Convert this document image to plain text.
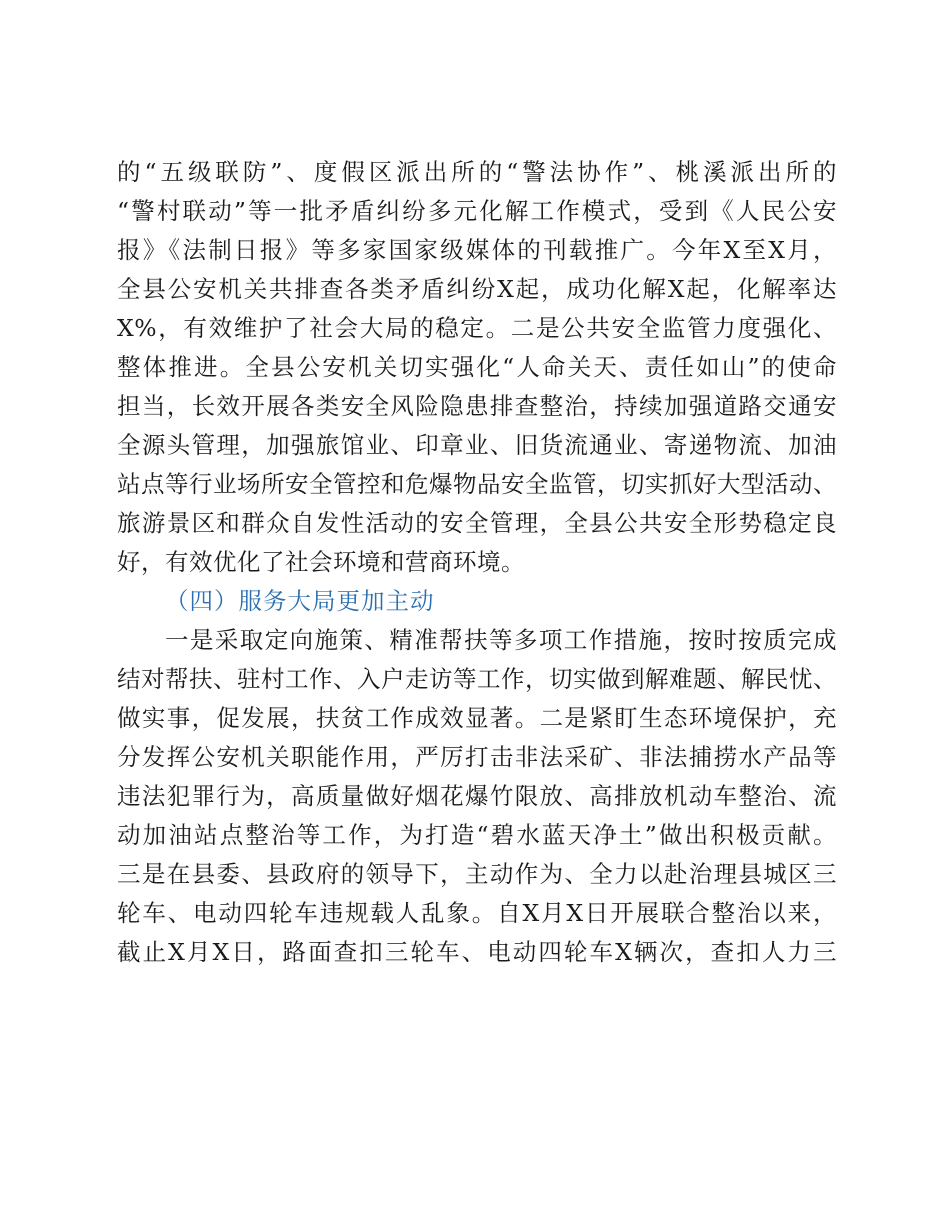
的“五级联防”、度假区派出所的“警法协作”、桃溪派出所的
“警村联动”等一批矛盾纠纷多元化解工作模式，受到《人民公安
报》《法制日报》等多家国家级媒体的刊载推广。今年X至X月，
全县公安机关共排查各类矛盾纠纷X起，成功化解X起，化解率达
X%，有效维护了社会大局的稳定。二是公共安全监管力度强化、
整体推进。全县公安机关切实强化“人命关天、责任如山”的使命
担当，长效开展各类安全风险隐患排查整治，持续加强道路交通安
全源头管理，加强旅馆业、印章业、旧货流通业、寄递物流、加油
站点等行业场所安全管控和危爆物品安全监管，切实抓好大型活动、
旅游景区和群众自发性活动的安全管理，全县公共安全形势稳定良
好，有效优化了社会环境和营商环境。
（四）服务大局更加主动
一是采取定向施策、精准帮扶等多项工作措施，按时按质完成
结对帮扶、驻村工作、入户走访等工作，切实做到解难题、解民忧、
做实事，促发展，扶贫工作成效显著。二是紧盯生态环境保护，充
分发挥公安机关职能作用，严厉打击非法采矿、非法捕捞水产品等
违法犯罪行为，高质量做好烟花爆竹限放、高排放机动车整治、流
动加油站点整治等工作，为打造“碧水蓝天净土”做出积极贡献。
三是在县委、县政府的领导下，主动作为、全力以赴治理县城区三
轮车、电动四轮车违规载人乱象。自X月X日开展联合整治以来，
截止X月X日，路面查扣三轮车、电动四轮车X辆次，查扣人力三
